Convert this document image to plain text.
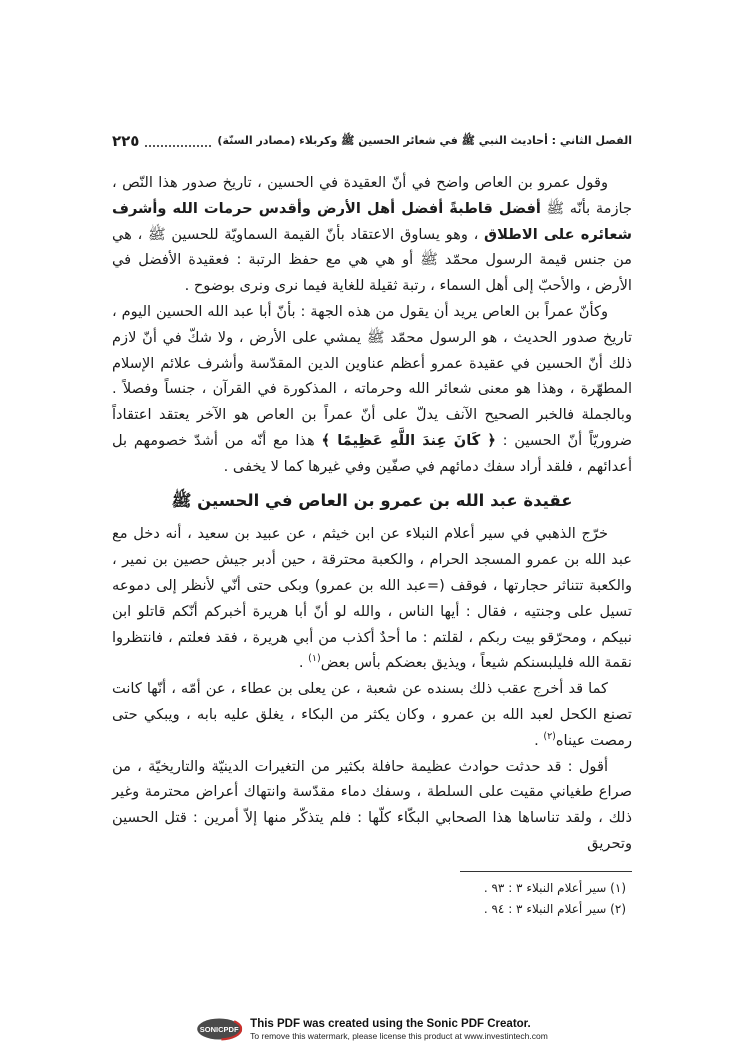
الفصل الثاني : أحاديث النبي ﷺ في شعائر الحسين ﷺ وكربلاء (مصادر السنّة)
٢٢٥

وقول عمرو بن العاص واضح في أنّ العقيدة في الحسين ، تاريخ صدور هذا النّص ، جازمة بأنّه ﷺ أفضل قاطبةً أفضل أهل الأرض وأقدس حرمات الله وأشرف شعائره على الاطلاق ، وهو يساوق الاعتقاد بأنّ القيمة السماويّة للحسين ﷺ ، هي من جنس قيمة الرسول محمّد ﷺ أو هي هي مع حفظ الرتبة : فعقيدة الأفضل في الأرض ، والأحبّ إلى أهل السماء ، رتبة ثقيلة للغاية فيما نرى ونرى بوضوح .

وكأنّ عمراً بن العاص يريد أن يقول من هذه الجهة : بأنّ أبا عبد الله الحسين اليوم ، تاريخ صدور الحديث ، هو الرسول محمّد ﷺ يمشي على الأرض ، ولا شكّ في أنّ لازم ذلك أنّ الحسين في عقيدة عمرو أعظم عناوين الدين المقدّسة وأشرف علائم الإسلام المطهّرة ، وهذا هو معنى شعائر الله وحرماته ، المذكورة في القرآن ، جنساً وفصلاً . وبالجملة فالخبر الصحيح الآنف يدلّ على أنّ عمراً بن العاص هو الآخر يعتقد اعتقاداً ضروريّاً أنّ الحسين : ﴿ كَانَ عِندَ اللَّهِ عَظِيمًا ﴾ هذا مع أنّه من أشدّ خصومهم بل أعدائهم ، فلقد أراد سفك دمائهم في صفّين وفي غيرها كما لا يخفى .

عقيدة عبد الله بن عمرو بن العاص في الحسين ﷺ

خرّج الذهبي في سير أعلام النبلاء عن ابن خيثم ، عن عبيد بن سعيد ، أنه دخل مع عبد الله بن عمرو المسجد الحرام ، والكعبة محترقة ، حين أدبر جيش حصين بن نمير ، والكعبة تتناثر حجارتها ، فوقف (=عبد الله بن عمرو) وبكى حتى أنّي لأنظر إلى دموعه تسيل على وجنتيه ، فقال : أيها الناس ، والله لو أنّ أبا هريرة أخبركم أنّكم قاتلو ابن نبيكم ، ومحرّقو بيت ربكم ، لقلتم : ما أحدٌ أكذب من أبي هريرة ، فقد فعلتم ، فانتظروا نقمة الله فليلبسنكم شيعاً ، ويذيق بعضكم بأس بعض$^{(١)}$ .

كما قد أخرج عقب ذلك بسنده عن شعبة ، عن يعلى بن عطاء ، عن أمّه ، أنّها كانت تصنع الكحل لعبد الله بن عمرو ، وكان يكثر من البكاء ، يغلق عليه بابه ، ويبكي حتى رمصت عيناه$^{(٢)}$ .

أقول : قد حدثت حوادث عظيمة حافلة بكثير من التغيرات الدينيّة والتاريخيّة ، من صراع طغياني مقيت على السلطة ، وسفك دماء مقدّسة وانتهاك أعراض محترمة وغير ذلك ، ولقد تناساها هذا الصحابي البكّاء كلّها : فلم يتذكّر منها إلاّ أمرين : قتل الحسين وتحريق

(١) سير أعلام النبلاء ٣ : ٩٣ .
(٢) سير أعلام النبلاء ٣ : ٩٤ .
SONICPDF This PDF was created using the Sonic PDF Creator.
To remove this watermark, please license this product at www.investintech.com
